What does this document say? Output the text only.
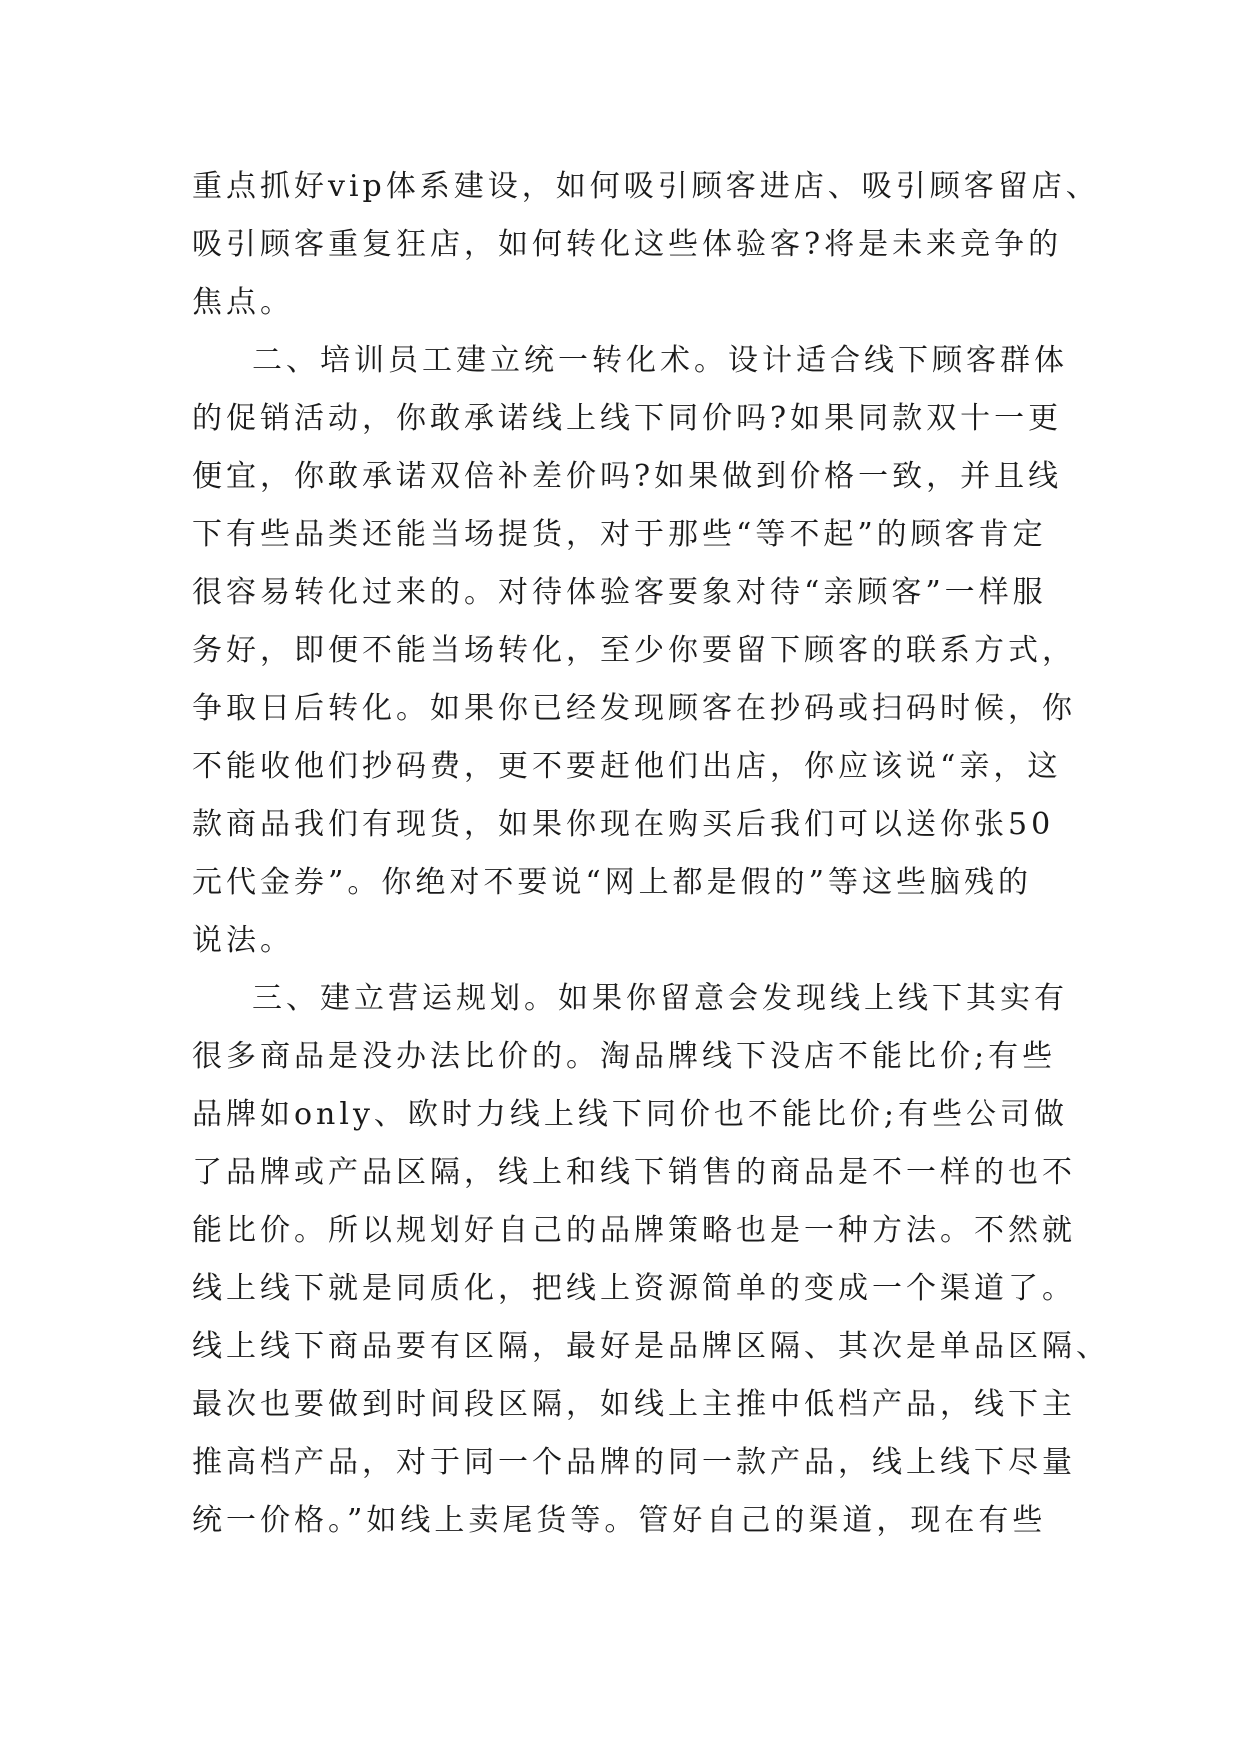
重点抓好vip体系建设，如何吸引顾客进店、吸引顾客留店、
吸引顾客重复狂店，如何转化这些体验客?将是未来竞争的
焦点。
二、培训员工建立统一转化术。设计适合线下顾客群体
的促销活动，你敢承诺线上线下同价吗?如果同款双十一更
便宜，你敢承诺双倍补差价吗?如果做到价格一致，并且线
下有些品类还能当场提货，对于那些“等不起”的顾客肯定
很容易转化过来的。对待体验客要象对待“亲顾客”一样服
务好，即便不能当场转化，至少你要留下顾客的联系方式，
争取日后转化。如果你已经发现顾客在抄码或扫码时候，你
不能收他们抄码费，更不要赶他们出店，你应该说“亲，这
款商品我们有现货，如果你现在购买后我们可以送你张50
元代金券”。你绝对不要说“网上都是假的”等这些脑残的
说法。
三、建立营运规划。如果你留意会发现线上线下其实有
很多商品是没办法比价的。淘品牌线下没店不能比价;有些
品牌如only、欧时力线上线下同价也不能比价;有些公司做
了品牌或产品区隔，线上和线下销售的商品是不一样的也不
能比价。所以规划好自己的品牌策略也是一种方法。不然就
线上线下就是同质化，把线上资源简单的变成一个渠道了。
线上线下商品要有区隔，最好是品牌区隔、其次是单品区隔、
最次也要做到时间段区隔，如线上主推中低档产品，线下主
推高档产品，对于同一个品牌的同一款产品，线上线下尽量
统一价格。”如线上卖尾货等。管好自己的渠道，现在有些
